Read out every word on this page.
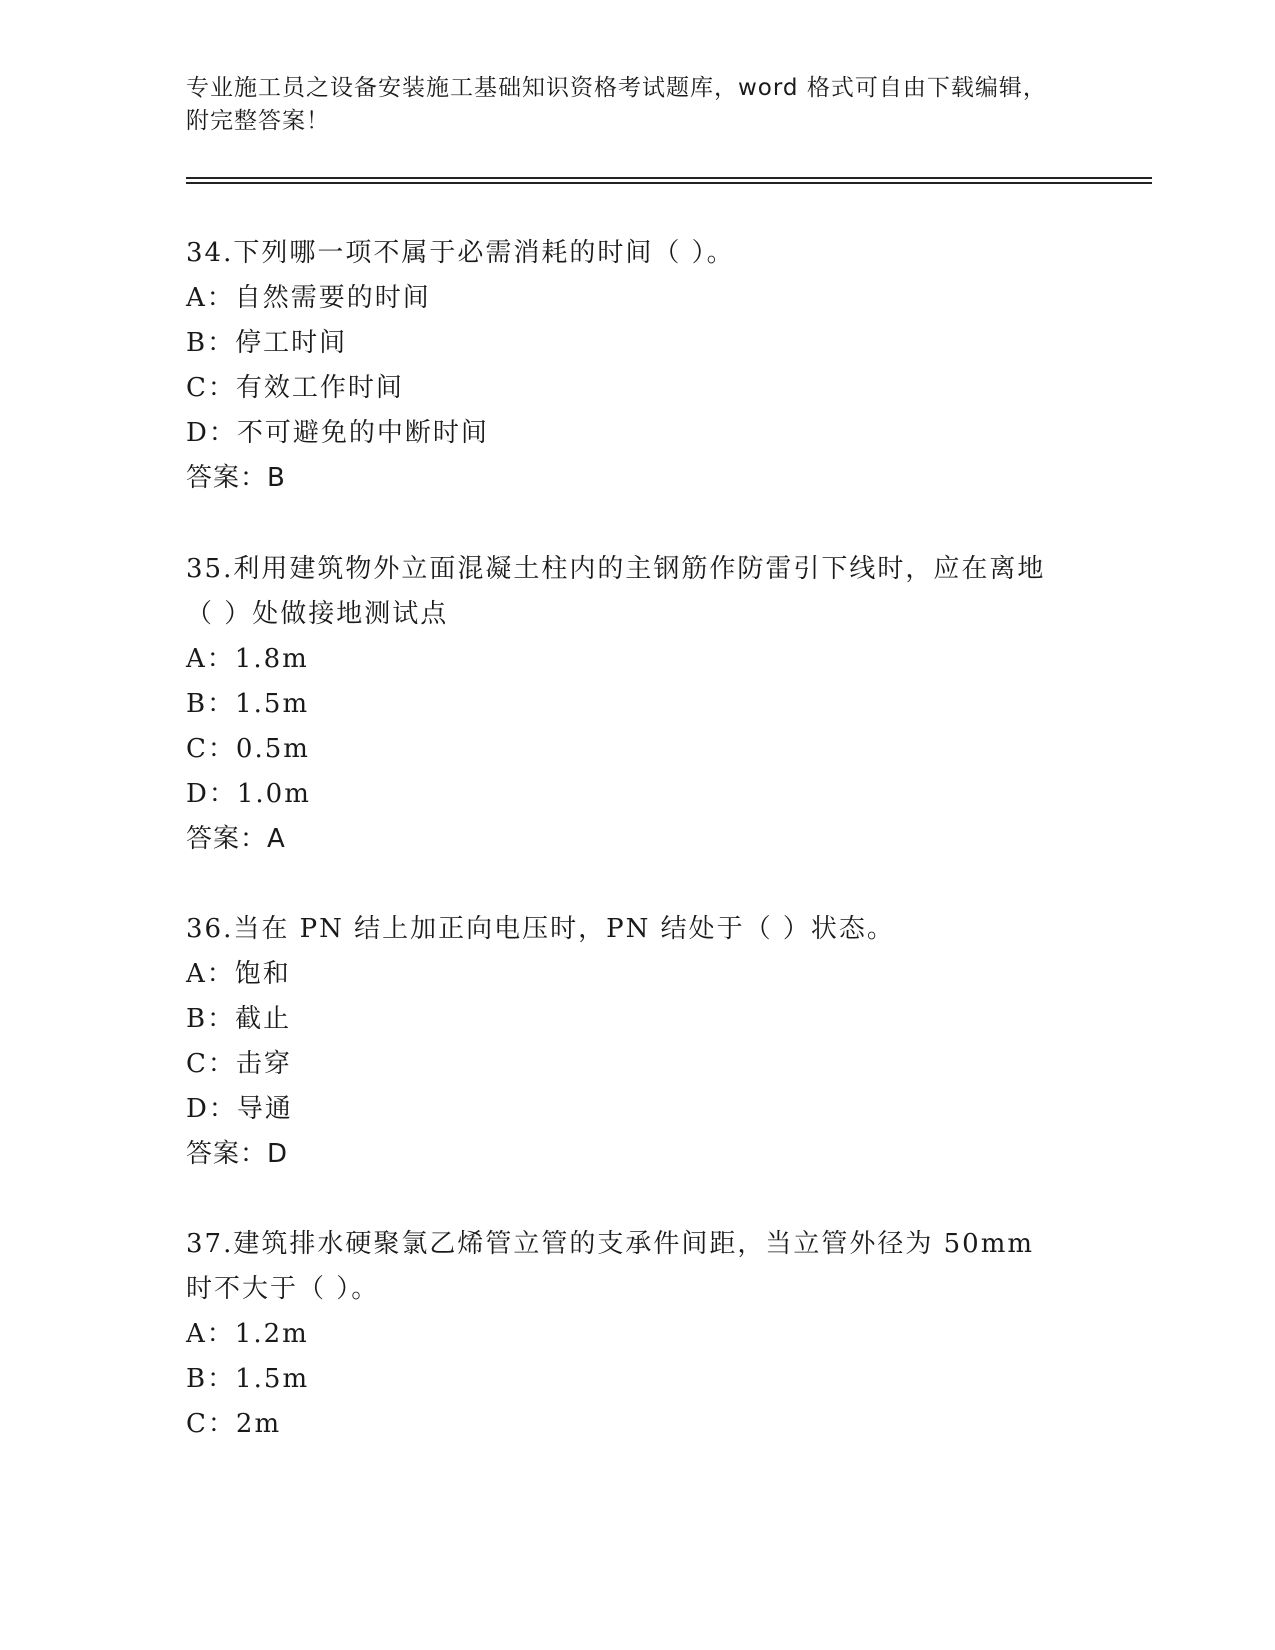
专业施工员之设备安装施工基础知识资格考试题库，word 格式可自由下载编辑，
附完整答案！
34.下列哪一项不属于必需消耗的时间（ ）。
A：自然需要的时间
B：停工时间
C：有效工作时间
D：不可避免的中断时间
答案：B
35.利用建筑物外立面混凝土柱内的主钢筋作防雷引下线时，应在离地（ ）处做接地测试点
A：1.8m
B：1.5m
C：0.5m
D：1.0m
答案：A
36.当在 PN 结上加正向电压时，PN 结处于（ ）状态。
A：饱和
B：截止
C：击穿
D：导通
答案：D
37.建筑排水硬聚氯乙烯管立管的支承件间距，当立管外径为 50mm 时不大于（ ）。
A：1.2m
B：1.5m
C：2m
